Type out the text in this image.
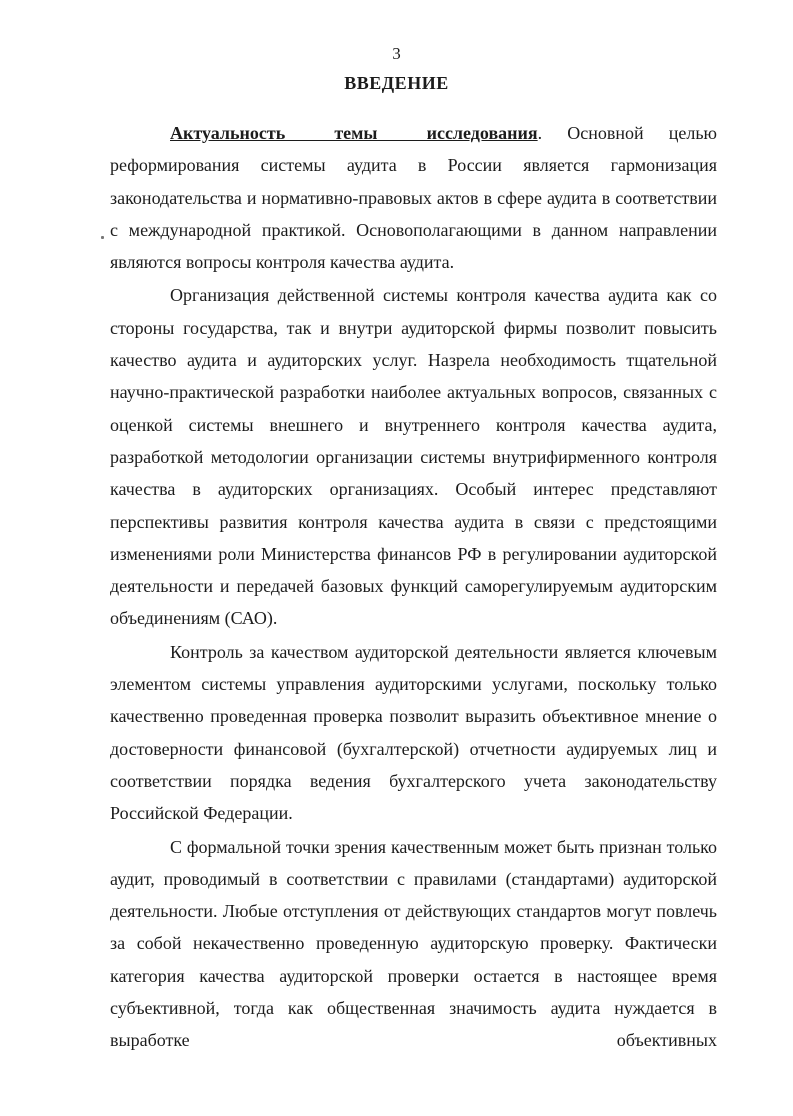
3
ВВЕДЕНИЕ

Актуальность темы исследования. Основной целью реформирования системы аудита в России является гармонизация законодательства и нормативно-правовых актов в сфере аудита в соответствии с международной практикой. Основополагающими в данном направлении являются вопросы контроля качества аудита.

Организация действенной системы контроля качества аудита как со стороны государства, так и внутри аудиторской фирмы позволит повысить качество аудита и аудиторских услуг. Назрела необходимость тщательной научно-практической разработки наиболее актуальных вопросов, связанных с оценкой системы внешнего и внутреннего контроля качества аудита, разработкой методологии организации системы внутрифирменного контроля качества в аудиторских организациях. Особый интерес представляют перспективы развития контроля качества аудита в связи с предстоящими изменениями роли Министерства финансов РФ в регулировании аудиторской деятельности и передачей базовых функций саморегулируемым аудиторским объединениям (САО).

Контроль за качеством аудиторской деятельности является ключевым элементом системы управления аудиторскими услугами, поскольку только качественно проведенная проверка позволит выразить объективное мнение о достоверности финансовой (бухгалтерской) отчетности аудируемых лиц и соответствии порядка ведения бухгалтерского учета законодательству Российской Федерации.

С формальной точки зрения качественным может быть признан только аудит, проводимый в соответствии с правилами (стандартами) аудиторской деятельности. Любые отступления от действующих стандартов могут повлечь за собой некачественно проведенную аудиторскую проверку. Фактически категория качества аудиторской проверки остается в настоящее время субъективной, тогда как общественная значимость аудита нуждается в выработке объективных
